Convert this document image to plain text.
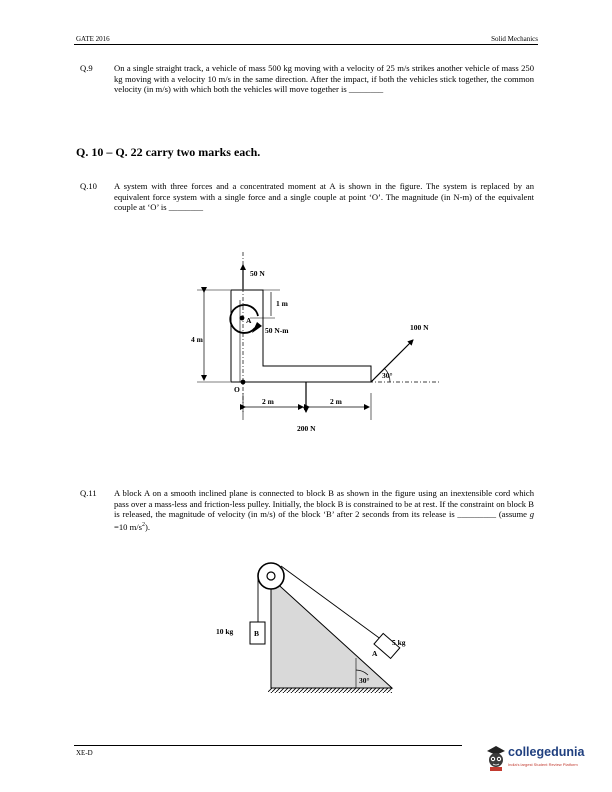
GATE 2016	Solid Mechanics
Q.9 On a single straight track, a vehicle of mass 500 kg moving with a velocity of 25 m/s strikes another vehicle of mass 250 kg moving with a velocity 10 m/s in the same direction. After the impact, if both the vehicles stick together, the common velocity (in m/s) with which both the vehicles will move together is ________
Q. 10 – Q. 22 carry two marks each.
Q.10 A system with three forces and a concentrated moment at A is shown in the figure. The system is replaced by an equivalent force system with a single force and a single couple at point ‘O’. The magnitude (in N-m) of the equivalent couple at ‘O’ is ________
50 N
1 m
A
50 N-m
4 m
O
2 m	2 m
200 N
100 N
30°
Q.11 A block A on a smooth inclined plane is connected to block B as shown in the figure using an inextensible cord which pass over a mass-less and friction-less pulley. Initially, the block B is constrained to be at rest. If the constraint on block B is released, the magnitude of velocity (in m/s) of the block ‘B’ after 2 seconds from its release is _________ (assume g =10 $m/s^2$).
B
10 kg
A
5 kg
30°
XE-D	collegedunia
India's largest Student Review Platform
